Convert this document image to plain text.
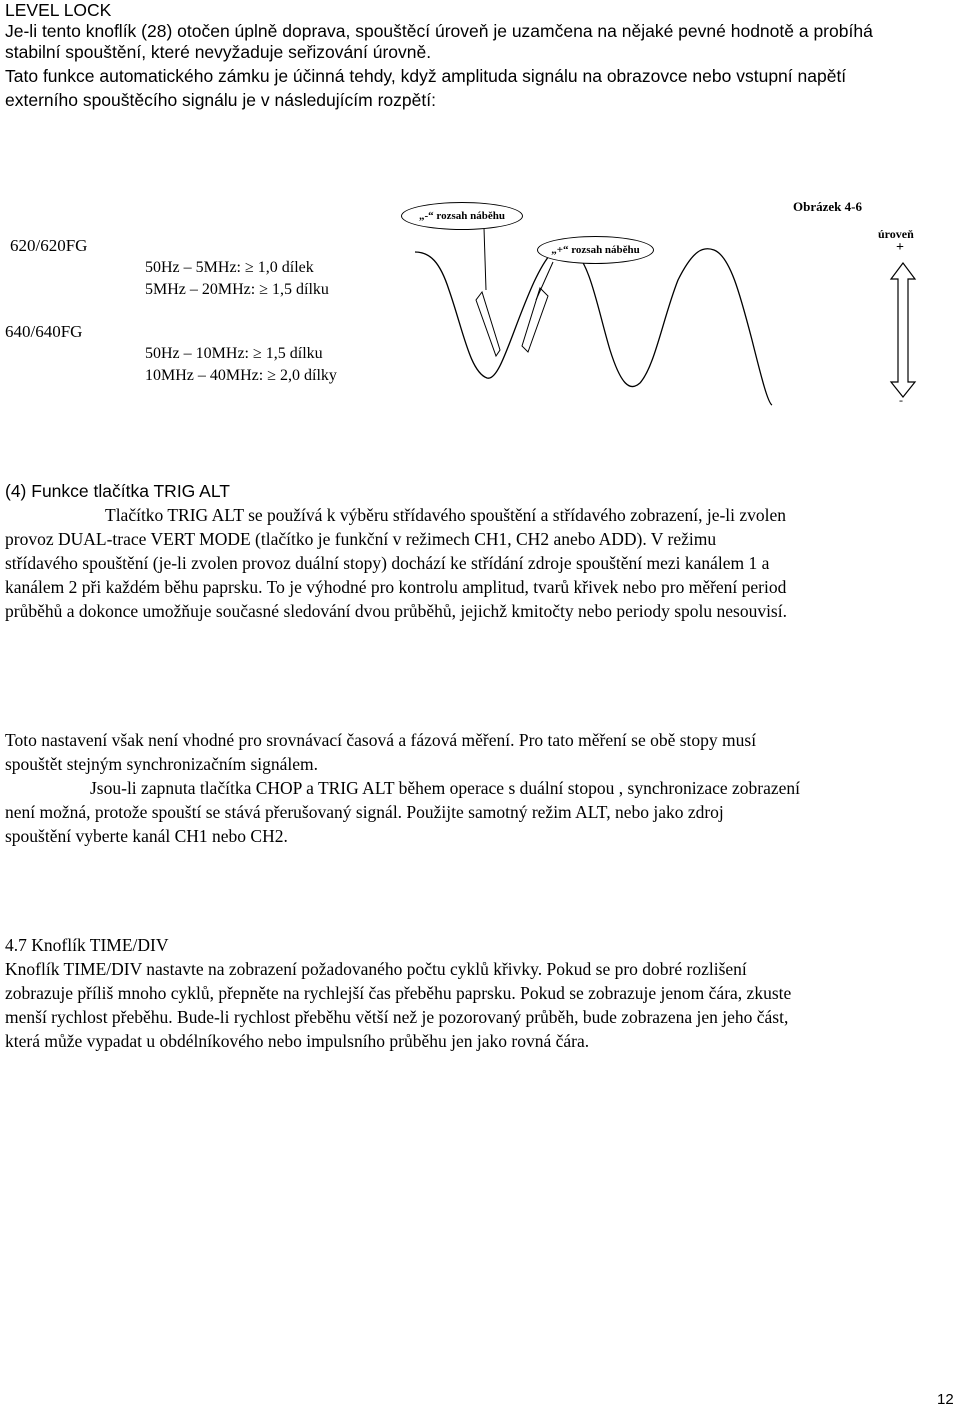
LEVEL LOCK
Je-li tento knoflík (28) otočen úplně doprava, spouštěcí úroveň je uzamčena na nějaké pevné hodnotě a probíhá
stabilní spouštění, které nevyžaduje seřizování úrovně.
Tato funkce automatického zámku je účinná tehdy, když amplituda signálu na obrazovce nebo vstupní napětí
externího spouštěcího signálu je v následujícím rozpětí:
620/620FG
50Hz – 5MHz: ≥ 1,0 dílek
5MHz – 20MHz: ≥ 1,5 dílku
640/640FG
50Hz – 10MHz: ≥ 1,5 dílku
10MHz – 40MHz: ≥ 2,0 dílky
„-“ rozsah náběhu
„+“ rozsah náběhu
Obrázek 4-6
úroveň
+
-
(4) Funkce tlačítka TRIG ALT
Tlačítko TRIG ALT se používá k výběru střídavého spouštění a střídavého zobrazení, je-li zvolen
provoz DUAL-trace VERT MODE (tlačítko je funkční v režimech CH1, CH2 anebo ADD). V režimu
střídavého spouštění (je-li zvolen provoz duální stopy) dochází ke střídání zdroje spouštění mezi kanálem 1 a
kanálem 2 při každém běhu paprsku. To je výhodné pro kontrolu amplitud, tvarů křivek nebo pro měření period
průběhů a dokonce umožňuje současné sledování dvou průběhů, jejichž kmitočty nebo periody spolu nesouvisí.
Toto nastavení však není vhodné pro srovnávací časová a fázová měření. Pro tato měření se obě stopy musí
spouštět stejným synchronizačním signálem.
Jsou-li zapnuta tlačítka CHOP a TRIG ALT během operace s duální stopou , synchronizace zobrazení
není možná, protože spouští se stává přerušovaný signál. Použijte samotný režim ALT, nebo jako zdroj
spouštění vyberte kanál CH1 nebo CH2.
4.7 Knoflík TIME/DIV
Knoflík TIME/DIV nastavte na zobrazení požadovaného počtu cyklů křivky. Pokud se pro dobré rozlišení
zobrazuje příliš mnoho cyklů, přepněte na rychlejší čas přeběhu paprsku. Pokud se zobrazuje jenom čára, zkuste
menší rychlost přeběhu. Bude-li rychlost přeběhu větší než je pozorovaný průběh, bude zobrazena jen jeho část,
která může vypadat u obdélníkového nebo impulsního průběhu jen jako rovná čára.
12
